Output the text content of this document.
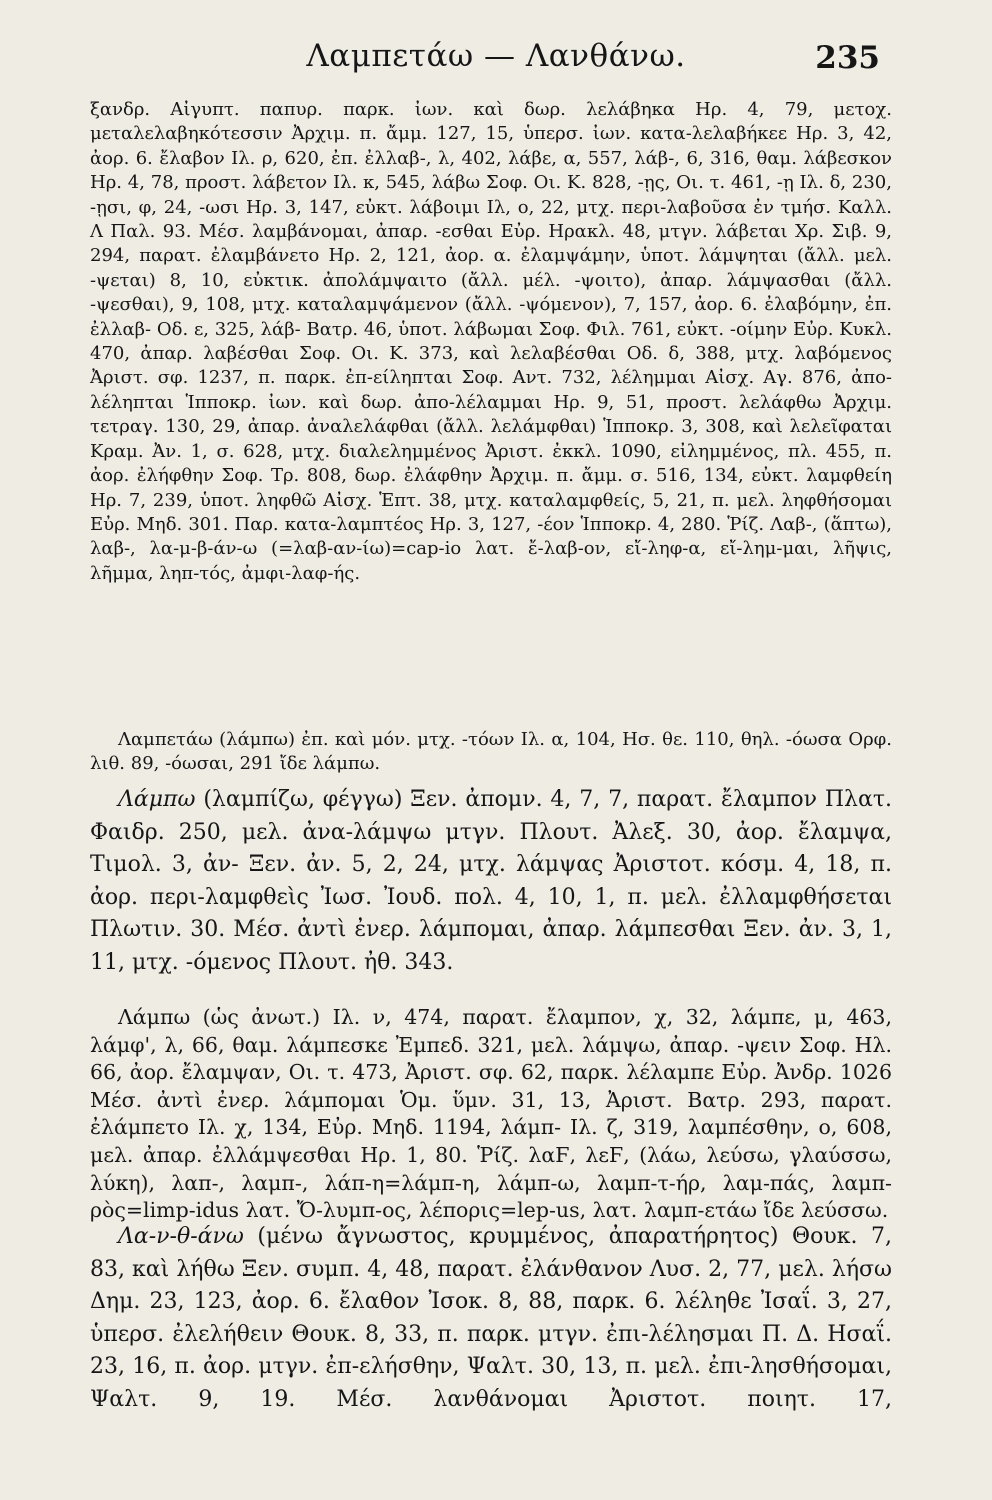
Λαμπετάω — Λανθάνω.	235

ξανδρ. Αἰγυπτ. παπυρ. παρκ. ἰων. καὶ δωρ. λελάβηκα Ηρ. 4, 79, μετοχ. μεταλελαβηκότεσσιν Ἀρχιμ. π. ἄμμ. 127, 15, ὑπερσ. ἰων. κατα-λελαβήκεε Ηρ. 3, 42, ἀορ. 6. ἔλαβον Ιλ. ρ, 620, ἐπ. ἐλλαβ-, λ, 402, λάβε, α, 557, λάβ-, 6, 316, θαμ. λάβεσκον Ηρ. 4, 78, προστ. λάβετον Ιλ. κ, 545, λάβω Σοφ. Οι. Κ. 828, -ῃς, Οι. τ. 461, -ῃ Ιλ. δ, 230, -ῃσι, φ, 24, -ωσι Ηρ. 3, 147, εὐκτ. λάβοιμι Ιλ, ο, 22, μτχ. περι-λαβοῦσα ἐν τμήσ. Καλλ. Λ Παλ. 93. Μέσ. λαμβάνομαι, ἀπαρ. -εσθαι Εὐρ. Ηρακλ. 48, μτγν. λάβεται Χρ. Σιβ. 9, 294, παρατ. ἐλαμβάνετο Ηρ. 2, 121, ἀορ. α. ἐλαμψάμην, ὑποτ. λάμψηται (ἄλλ. μελ. -ψεται) 8, 10, εὐκτικ. ἀπολάμψαιτο (ἄλλ. μέλ. -ψοιτο), ἀπαρ. λάμψασθαι (ἄλλ. -ψεσθαι), 9, 108, μτχ. καταλαμψάμενον (ἄλλ. -ψόμενον), 7, 157, ἀορ. 6. ἐλαβόμην, ἐπ. ἐλλαβ- Οδ. ε, 325, λάβ- Βατρ. 46, ὑποτ. λάβωμαι Σοφ. Φιλ. 761, εὐκτ. -οίμην Εὐρ. Κυκλ. 470, ἀπαρ. λαβέσθαι Σοφ. Οι. Κ. 373, καὶ λελαβέσθαι Οδ. δ, 388, μτχ. λαβόμενος Ἀριστ. σφ. 1237, π. παρκ. ἐπ-είληπται Σοφ. Αντ. 732, λέλημμαι Αἰσχ. Αγ. 876, ἀπο-λέληπται Ἱπποκρ. ἰων. καὶ δωρ. ἀπο-λέλαμμαι Ηρ. 9, 51, προστ. λελάφθω Ἀρχιμ. τετραγ. 130, 29, ἀπαρ. ἀναλελάφθαι (ἄλλ. λελάμφθαι) Ἱπποκρ. 3, 308, καὶ λελεῖφαται Κραμ. Ἀν. 1, σ. 628, μτχ. διαλελημμένος Ἀριστ. ἐκκλ. 1090, εἰλημμένος, πλ. 455, π. ἀορ. ἐλήφθην Σοφ. Τρ. 808, δωρ. ἐλάφθην Ἀρχιμ. π. ἄμμ. σ. 516, 134, εὐκτ. λαμφθείη Ηρ. 7, 239, ὑποτ. ληφθῶ Αἰσχ. Ἑπτ. 38, μτχ. καταλαμφθείς, 5, 21, π. μελ. ληφθήσομαι Εὐρ. Μηδ. 301. Παρ. κατα-λαμπτέος Ηρ. 3, 127, -έον Ἱπποκρ. 4, 280. Ῥίζ. Λαβ-, (ἅπτω), λαβ-, λα-μ-β-άν-ω (=λαβ-αν-ίω)=cap-io λατ. ἔ-λαβ-ον, εἴ-ληφ-α, εἴ-λημ-μαι, λῆψις, λῆμμα, ληπ-τός, ἀμφι-λαφ-ής.

Λαμπετάω (λάμπω) ἐπ. καὶ μόν. μτχ. -τόων Ιλ. α, 104, Ησ. θε. 110, θηλ. -όωσα Ορφ. λιθ. 89, -όωσαι, 291 ἴδε λάμπω.

Λάμπω (λαμπίζω, φέγγω) Ξεν. ἀπομν. 4, 7, 7, παρατ. ἔλαμπον Πλατ. Φαιδρ. 250, μελ. ἀνα-λάμψω μτγν. Πλουτ. Ἀλεξ. 30, ἀορ. ἔλαμψα, Τιμολ. 3, ἀν- Ξεν. ἀν. 5, 2, 24, μτχ. λάμψας Ἀριστοτ. κόσμ. 4, 18, π. ἀορ. περι-λαμφθεὶς Ἰωσ. Ἰουδ. πολ. 4, 10, 1, π. μελ. ἐλλαμφθήσεται Πλωτιν. 30. Μέσ. ἀντὶ ἐνερ. λάμπομαι, ἀπαρ. λάμπεσθαι Ξεν. ἀν. 3, 1, 11, μτχ. -όμενος Πλουτ. ἠθ. 343.

Λάμπω (ὡς ἀνωτ.) Ιλ. ν, 474, παρατ. ἔλαμπον, χ, 32, λάμπε, μ, 463, λάμφ', λ, 66, θαμ. λάμπεσκε Ἐμπεδ. 321, μελ. λάμψω, ἀπαρ. -ψειν Σοφ. Ηλ. 66, ἀορ. ἔλαμψαν, Οι. τ. 473, Ἀριστ. σφ. 62, παρκ. λέλαμπε Εὐρ. Ἀνδρ. 1026 Μέσ. ἀντὶ ἐνερ. λάμπομαι Ὁμ. ὕμν. 31, 13, Ἀριστ. Βατρ. 293, παρατ. ἐλάμπετο Ιλ. χ, 134, Εὐρ. Μηδ. 1194, λάμπ- Ιλ. ζ, 319, λαμπέσθην, ο, 608, μελ. ἀπαρ. ἐλλάμψεσθαι Ηρ. 1, 80. Ῥίζ. λαϜ, λεϜ, (λάω, λεύσω, γλαύσσω, λύκη), λαπ-, λαμπ-, λάπ-η=λάμπ-η, λάμπ-ω, λαμπ-τ-ήρ, λαμ-πάς, λαμπ-ρὸς=limp-idus λατ. Ὄ-λυμπ-ος, λέπορις=lep-us, λατ. λαμπ-ετάω ἴδε λεύσσω.

Λα-ν-θ-άνω (μένω ἄγνωστος, κρυμμένος, ἀπαρατήρητος) Θουκ. 7, 83, καὶ λήθω Ξεν. συμπ. 4, 48, παρατ. ἐλάνθανον Λυσ. 2, 77, μελ. λήσω Δημ. 23, 123, ἀορ. 6. ἔλαθον Ἰσοκ. 8, 88, παρκ. 6. λέληθε Ἰσαΐ. 3, 27, ὑπερσ. ἐλελήθειν Θουκ. 8, 33, π. παρκ. μτγν. ἐπι-λέλησμαι Π. Δ. Ησαΐ. 23, 16, π. ἀορ. μτγν. ἐπ-ελήσθην, Ψαλτ. 30, 13, π. μελ. ἐπι-λησθήσομαι, Ψαλτ. 9, 19. Μέσ. λανθάνομαι Ἀριστοτ. ποιητ. 17,
